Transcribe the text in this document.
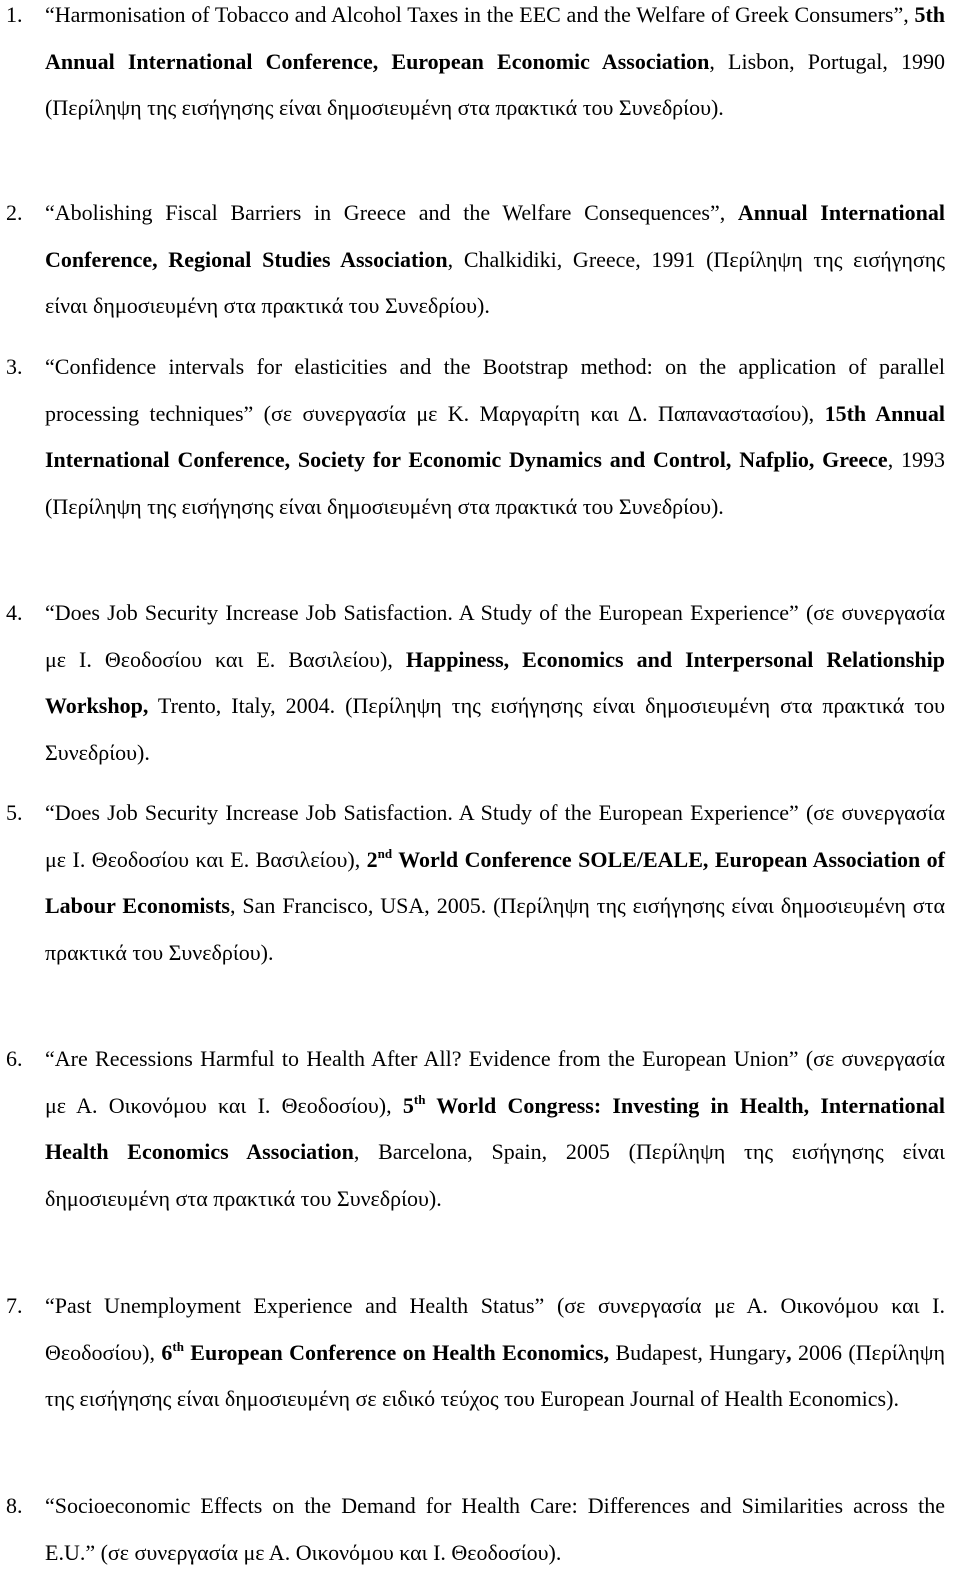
1. “Harmonisation of Tobacco and Alcohol Taxes in the EEC and the Welfare of Greek Consumers”, 5th Annual International Conference, European Economic Association, Lisbon, Portugal, 1990 (Περίληψη της εισήγησης είναι δημοσιευμένη στα πρακτικά του Συνεδρίου).
2. “Abolishing Fiscal Barriers in Greece and the Welfare Consequences”, Annual International Conference, Regional Studies Association, Chalkidiki, Greece, 1991 (Περίληψη της εισήγησης είναι δημοσιευμένη στα πρακτικά του Συνεδρίου).
3. “Confidence intervals for elasticities and the Bootstrap method: on the application of parallel processing techniques” (σε συνεργασία με Κ. Μαργαρίτη και Δ. Παπαναστασίου), 15th Annual International Conference, Society for Economic Dynamics and Control, Nafplio, Greece, 1993 (Περίληψη της εισήγησης είναι δημοσιευμένη στα πρακτικά του Συνεδρίου).
4. “Does Job Security Increase Job Satisfaction. A Study of the European Experience” (σε συνεργασία με Ι. Θεοδοσίου και Ε. Βασιλείου), Happiness, Economics and Interpersonal Relationship Workshop, Trento, Italy, 2004. (Περίληψη της εισήγησης είναι δημοσιευμένη στα πρακτικά του Συνεδρίου).
5. “Does Job Security Increase Job Satisfaction. A Study of the European Experience” (σε συνεργασία με Ι. Θεοδοσίου και Ε. Βασιλείου), 2nd World Conference SOLE/EALE, European Association of Labour Economists, San Francisco, USA, 2005. (Περίληψη της εισήγησης είναι δημοσιευμένη στα πρακτικά του Συνεδρίου).
6. “Are Recessions Harmful to Health After All? Evidence from the European Union” (σε συνεργασία με Α. Οικονόμου και Ι. Θεοδοσίου), 5th World Congress: Investing in Health, International Health Economics Association, Barcelona, Spain, 2005 (Περίληψη της εισήγησης είναι δημοσιευμένη στα πρακτικά του Συνεδρίου).
7. “Past Unemployment Experience and Health Status” (σε συνεργασία με Α. Οικονόμου και Ι. Θεοδοσίου), 6th European Conference on Health Economics, Budapest, Hungary, 2006 (Περίληψη της εισήγησης είναι δημοσιευμένη σε ειδικό τεύχος του European Journal of Health Economics).
8. “Socioeconomic Effects on the Demand for Health Care: Differences and Similarities across the E.U.” (σε συνεργασία με Α. Οικονόμου και Ι. Θεοδοσίου).
